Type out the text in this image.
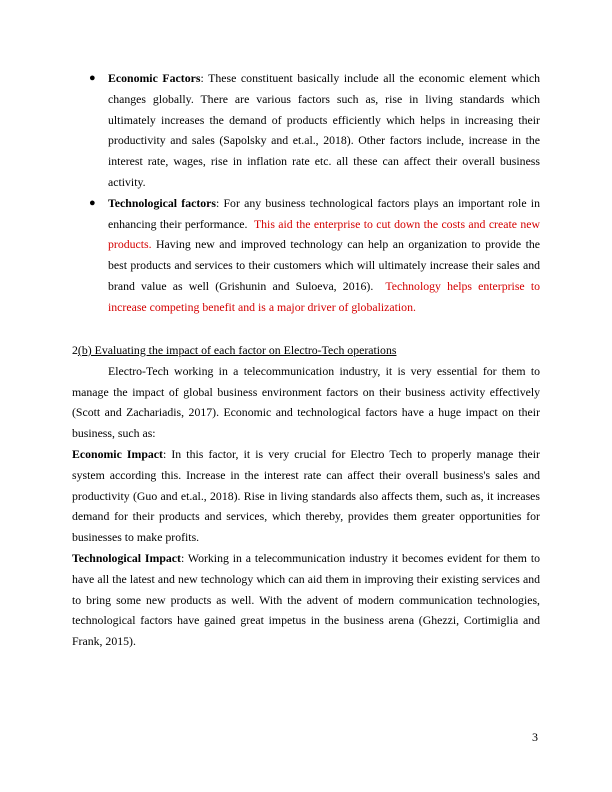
● Economic Factors: These constituent basically include all the economic element which changes globally. There are various factors such as, rise in living standards which ultimately increases the demand of products efficiently which helps in increasing their productivity and sales (Sapolsky and et.al., 2018). Other factors include, increase in the interest rate, wages, rise in inflation rate etc. all these can affect their overall business activity.
● Technological factors: For any business technological factors plays an important role in enhancing their performance.  This aid the enterprise to cut down the costs and create new products. Having new and improved technology can help an organization to provide the best products and services to their customers which will ultimately increase their sales and brand value as well (Grishunin and Suloeva, 2016).  Technology helps enterprise to increase competing benefit and is a major driver of globalization.
2(b) Evaluating the impact of each factor on Electro-Tech operations

Electro-Tech working in a telecommunication industry, it is very essential for them to manage the impact of global business environment factors on their business activity effectively (Scott and Zachariadis, 2017). Economic and technological factors have a huge impact on their business, such as:

Economic Impact: In this factor, it is very crucial for Electro Tech to properly manage their system according this. Increase in the interest rate can affect their overall business's sales and productivity (Guo and et.al., 2018). Rise in living standards also affects them, such as, it increases demand for their products and services, which thereby, provides them greater opportunities for businesses to make profits.

Technological Impact: Working in a telecommunication industry it becomes evident for them to have all the latest and new technology which can aid them in improving their existing services and to bring some new products as well. With the advent of modern communication technologies, technological factors have gained great impetus in the business arena (Ghezzi, Cortimiglia and Frank, 2015).

3
